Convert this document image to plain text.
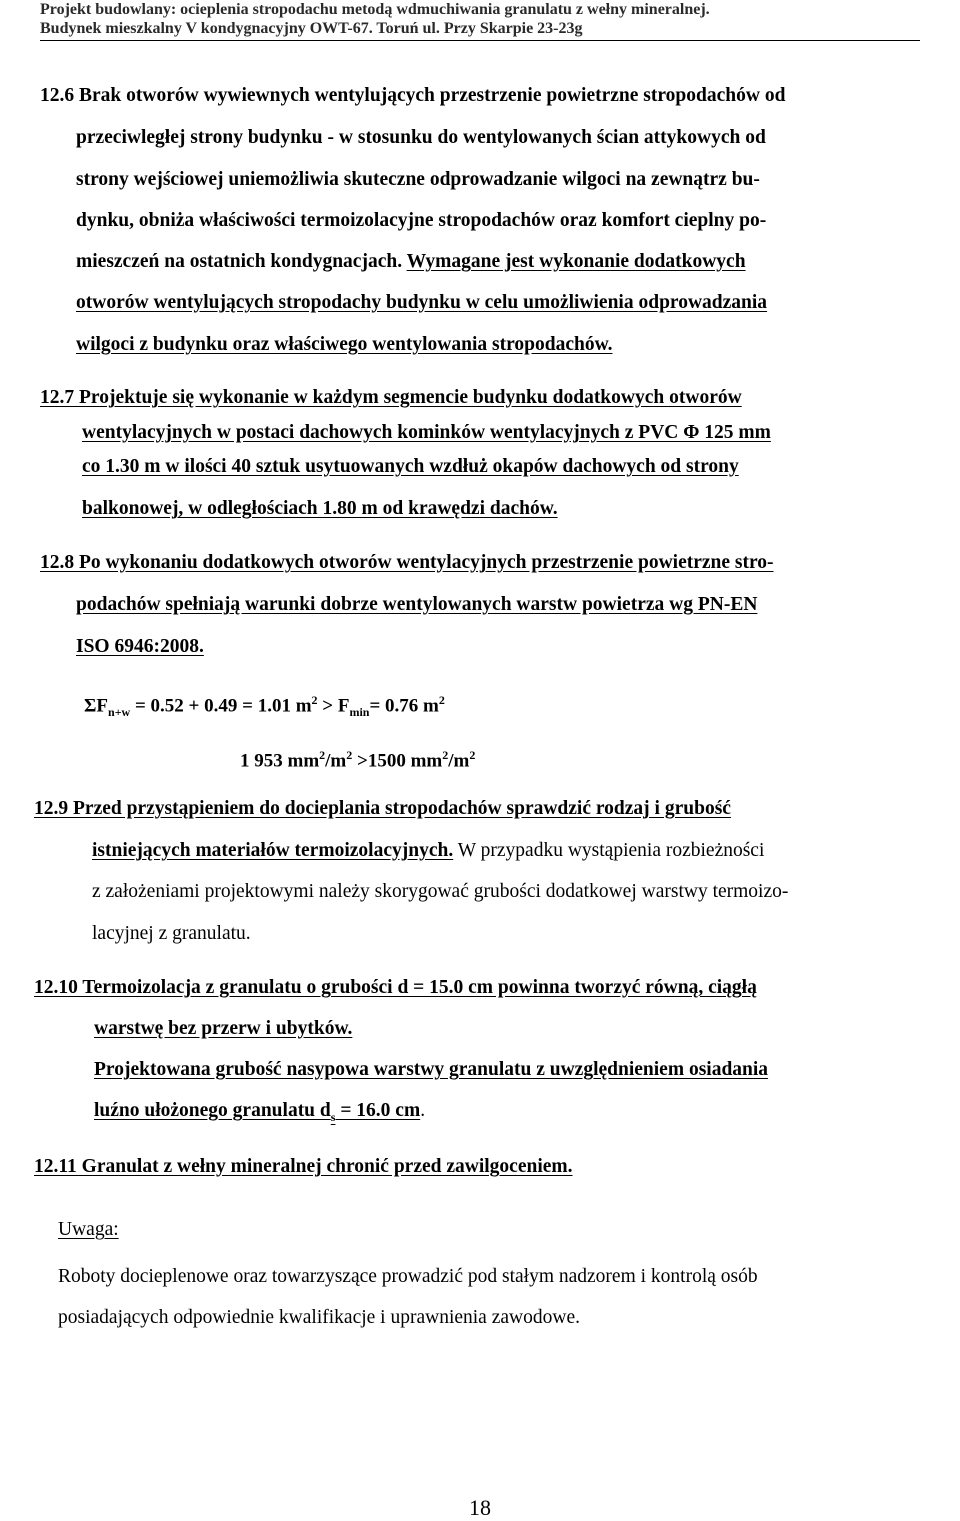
Projekt budowlany: ocieplenia stropodachu metodą wdmuchiwania granulatu z wełny mineralnej.
Budynek mieszkalny V kondygnacyjny OWT-67. Toruń ul. Przy Skarpie 23-23g
12.6 Brak otworów wywiewnych wentylujących przestrzenie powietrzne stropodachów od
przeciwległej strony budynku - w stosunku do wentylowanych ścian attykowych od
strony wejściowej uniemożliwia skuteczne odprowadzanie wilgoci na zewnątrz bu-
dynku, obniża właściwości termoizolacyjne stropodachów oraz komfort cieplny po-
mieszczeń na ostatnich kondygnacjach. Wymagane jest wykonanie dodatkowych
otworów wentylujących stropodachy budynku w celu umożliwienia odprowadzania
wilgoci z budynku oraz właściwego wentylowania stropodachów.
12.7 Projektuje się wykonanie w każdym segmencie budynku dodatkowych otworów
wentylacyjnych w postaci dachowych kominków wentylacyjnych z PVC Φ 125 mm
co 1.30 m w ilości 40 sztuk usytuowanych wzdłuż okapów dachowych od strony
balkonowej, w odległościach 1.80 m od krawędzi dachów.
12.8 Po wykonaniu dodatkowych otworów wentylacyjnych przestrzenie powietrzne stro-
podachów spełniają warunki dobrze wentylowanych warstw powietrza wg PN-EN
ISO 6946:2008.
$\Sigma F_{n+w} = 0.52 + 0.49 = 1.01$ $m^2 > F_{min}= 0.76$ $m^2$
1 953 $mm^2/m^2 >1500$ $mm^2/m^2$
12.9 Przed przystąpieniem do docieplania stropodachów sprawdzić rodzaj i grubość
istniejących materiałów termoizolacyjnych. W przypadku wystąpienia rozbieżności
z założeniami projektowymi należy skorygować grubości dodatkowej warstwy termoizo-
lacyjnej z granulatu.
12.10 Termoizolacja z granulatu o grubości d = 15.0 cm powinna tworzyć równą, ciągłą
warstwę bez przerw i ubytków.
Projektowana grubość nasypowa warstwy granulatu z uwzględnieniem osiadania
luźno ułożonego granulatu $d_s = 16.0$ cm.
12.11 Granulat z wełny mineralnej chronić przed zawilgoceniem.
Uwaga:
Roboty docieplenowe oraz towarzyszące prowadzić pod stałym nadzorem i kontrolą osób
posiadających odpowiednie kwalifikacje i uprawnienia zawodowe.
18
